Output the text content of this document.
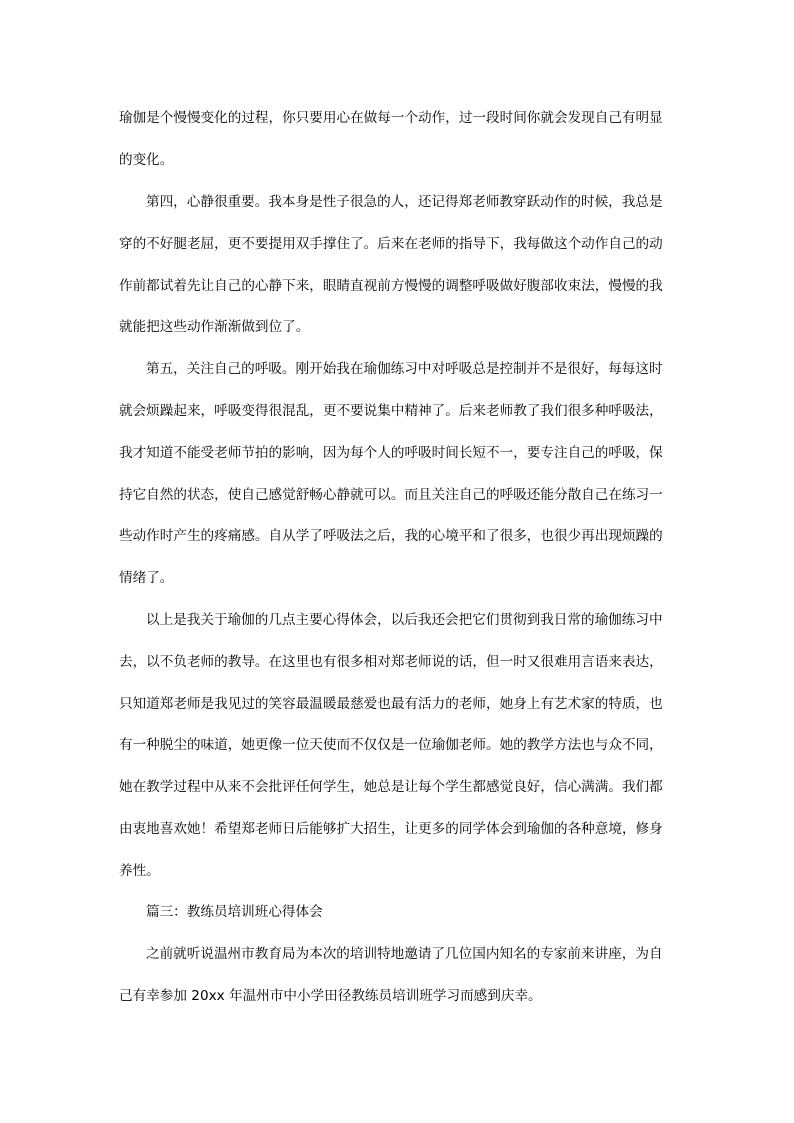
瑜伽是个慢慢变化的过程，你只要用心在做每一个动作，过一段时间你就会发现自己有明显
的变化。
第四，心静很重要。我本身是性子很急的人，还记得郑老师教穿跃动作的时候，我总是
穿的不好腿老屈，更不要提用双手撑住了。后来在老师的指导下，我每做这个动作自己的动
作前都试着先让自己的心静下来，眼睛直视前方慢慢的调整呼吸做好腹部收束法，慢慢的我
就能把这些动作渐渐做到位了。
第五，关注自己的呼吸。刚开始我在瑜伽练习中对呼吸总是控制并不是很好，每每这时
就会烦躁起来，呼吸变得很混乱，更不要说集中精神了。后来老师教了我们很多种呼吸法，
我才知道不能受老师节拍的影响，因为每个人的呼吸时间长短不一，要专注自己的呼吸，保
持它自然的状态，使自己感觉舒畅心静就可以。而且关注自己的呼吸还能分散自己在练习一
些动作时产生的疼痛感。自从学了呼吸法之后，我的心境平和了很多，也很少再出现烦躁的
情绪了。
以上是我关于瑜伽的几点主要心得体会，以后我还会把它们贯彻到我日常的瑜伽练习中
去，以不负老师的教导。在这里也有很多相对郑老师说的话，但一时又很难用言语来表达，
只知道郑老师是我见过的笑容最温暖最慈爱也最有活力的老师，她身上有艺术家的特质，也
有一种脱尘的味道，她更像一位天使而不仅仅是一位瑜伽老师。她的教学方法也与众不同，
她在教学过程中从来不会批评任何学生，她总是让每个学生都感觉良好，信心满满。我们都
由衷地喜欢她！希望郑老师日后能够扩大招生，让更多的同学体会到瑜伽的各种意境，修身
养性。
篇三：教练员培训班心得体会
之前就听说温州市教育局为本次的培训特地邀请了几位国内知名的专家前来讲座，为自
己有幸参加 20xx 年温州市中小学田径教练员培训班学习而感到庆幸。
